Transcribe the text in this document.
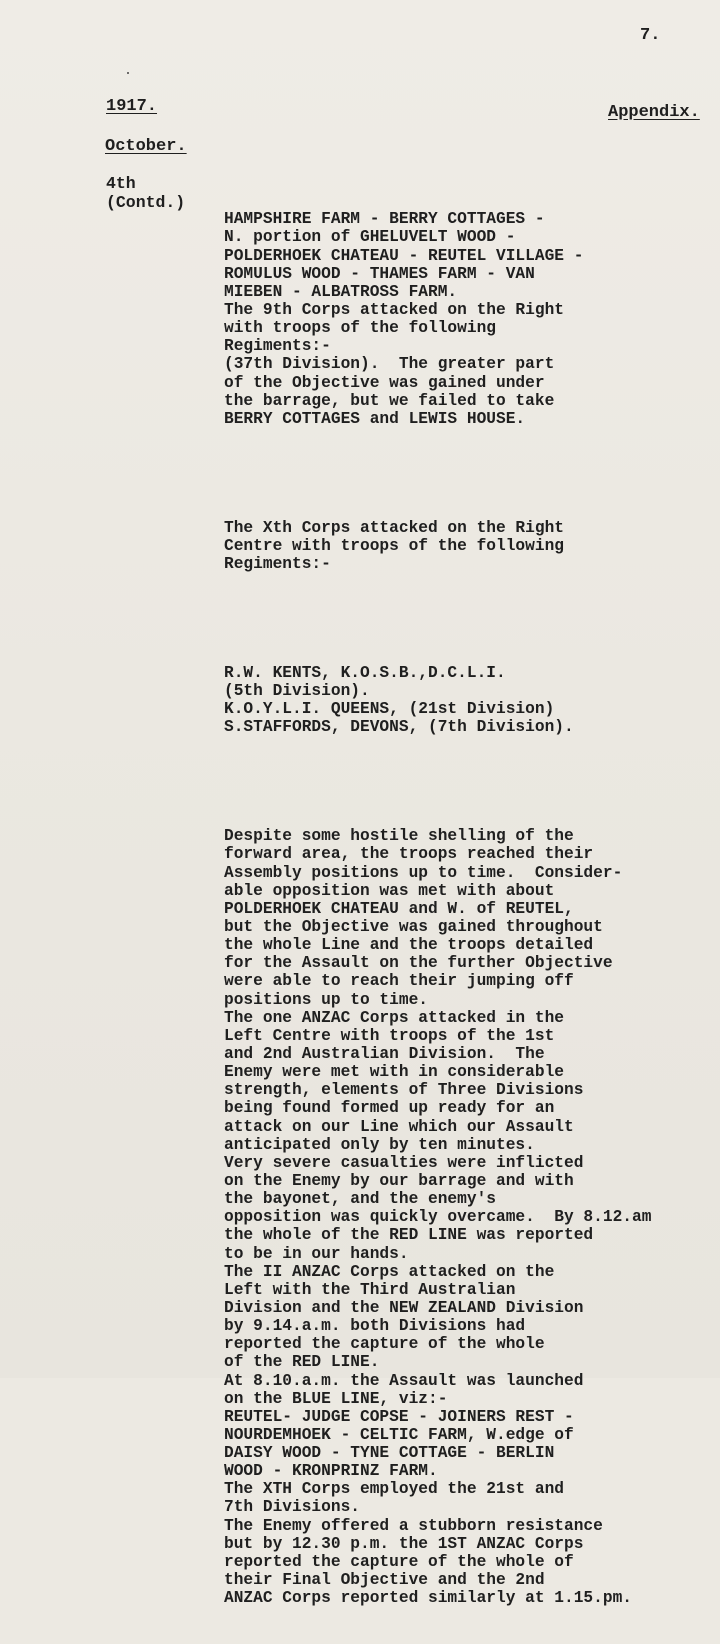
7.
1917.	Appendix.
October.
4th
(Contd.)

HAMPSHIRE FARM - BERRY COTTAGES -
N. portion of GHELUVELT WOOD -
POLDERHOEK CHATEAU - REUTEL VILLAGE -
ROMULUS WOOD - THAMES FARM - VAN
MIEBEN - ALBATROSS FARM.
The 9th Corps attacked on the Right
with troops of the following
Regiments:-
(37th Division).  The greater part
of the Objective was gained under
the barrage, but we failed to take
BERRY COTTAGES and LEWIS HOUSE.

The Xth Corps attacked on the Right
Centre with troops of the following
Regiments:-

R.W. KENTS, K.O.S.B.,D.C.L.I.
(5th Division).
K.O.Y.L.I. QUEENS, (21st Division)
S.STAFFORDS, DEVONS, (7th Division).

Despite some hostile shelling of the
forward area, the troops reached their
Assembly positions up to time.  Consider-
able opposition was met with about
POLDERHOEK CHATEAU and W. of REUTEL,
but the Objective was gained throughout
the whole Line and the troops detailed
for the Assault on the further Objective
were able to reach their jumping off
positions up to time.
The one ANZAC Corps attacked in the
Left Centre with troops of the 1st
and 2nd Australian Division.  The
Enemy were met with in considerable
strength, elements of Three Divisions
being found formed up ready for an
attack on our Line which our Assault
anticipated only by ten minutes.
Very severe casualties were inflicted
on the Enemy by our barrage and with
the bayonet, and the enemy's
opposition was quickly overcame.  By 8.12.am
the whole of the RED LINE was reported
to be in our hands.
The II ANZAC Corps attacked on the
Left with the Third Australian
Division and the NEW ZEALAND Division
by 9.14.a.m. both Divisions had
reported the capture of the whole
of the RED LINE.
At 8.10.a.m. the Assault was launched
on the BLUE LINE, viz:-
REUTEL- JUDGE COPSE - JOINERS REST -
NOURDEMHOEK - CELTIC FARM, W.edge of
DAISY WOOD - TYNE COTTAGE - BERLIN
WOOD - KRONPRINZ FARM.
The XTH Corps employed the 21st and
7th Divisions.
The Enemy offered a stubborn resistance
but by 12.30 p.m. the 1ST ANZAC Corps
reported the capture of the whole of
their Final Objective and the 2nd
ANZAC Corps reported similarly at 1.15.pm.
